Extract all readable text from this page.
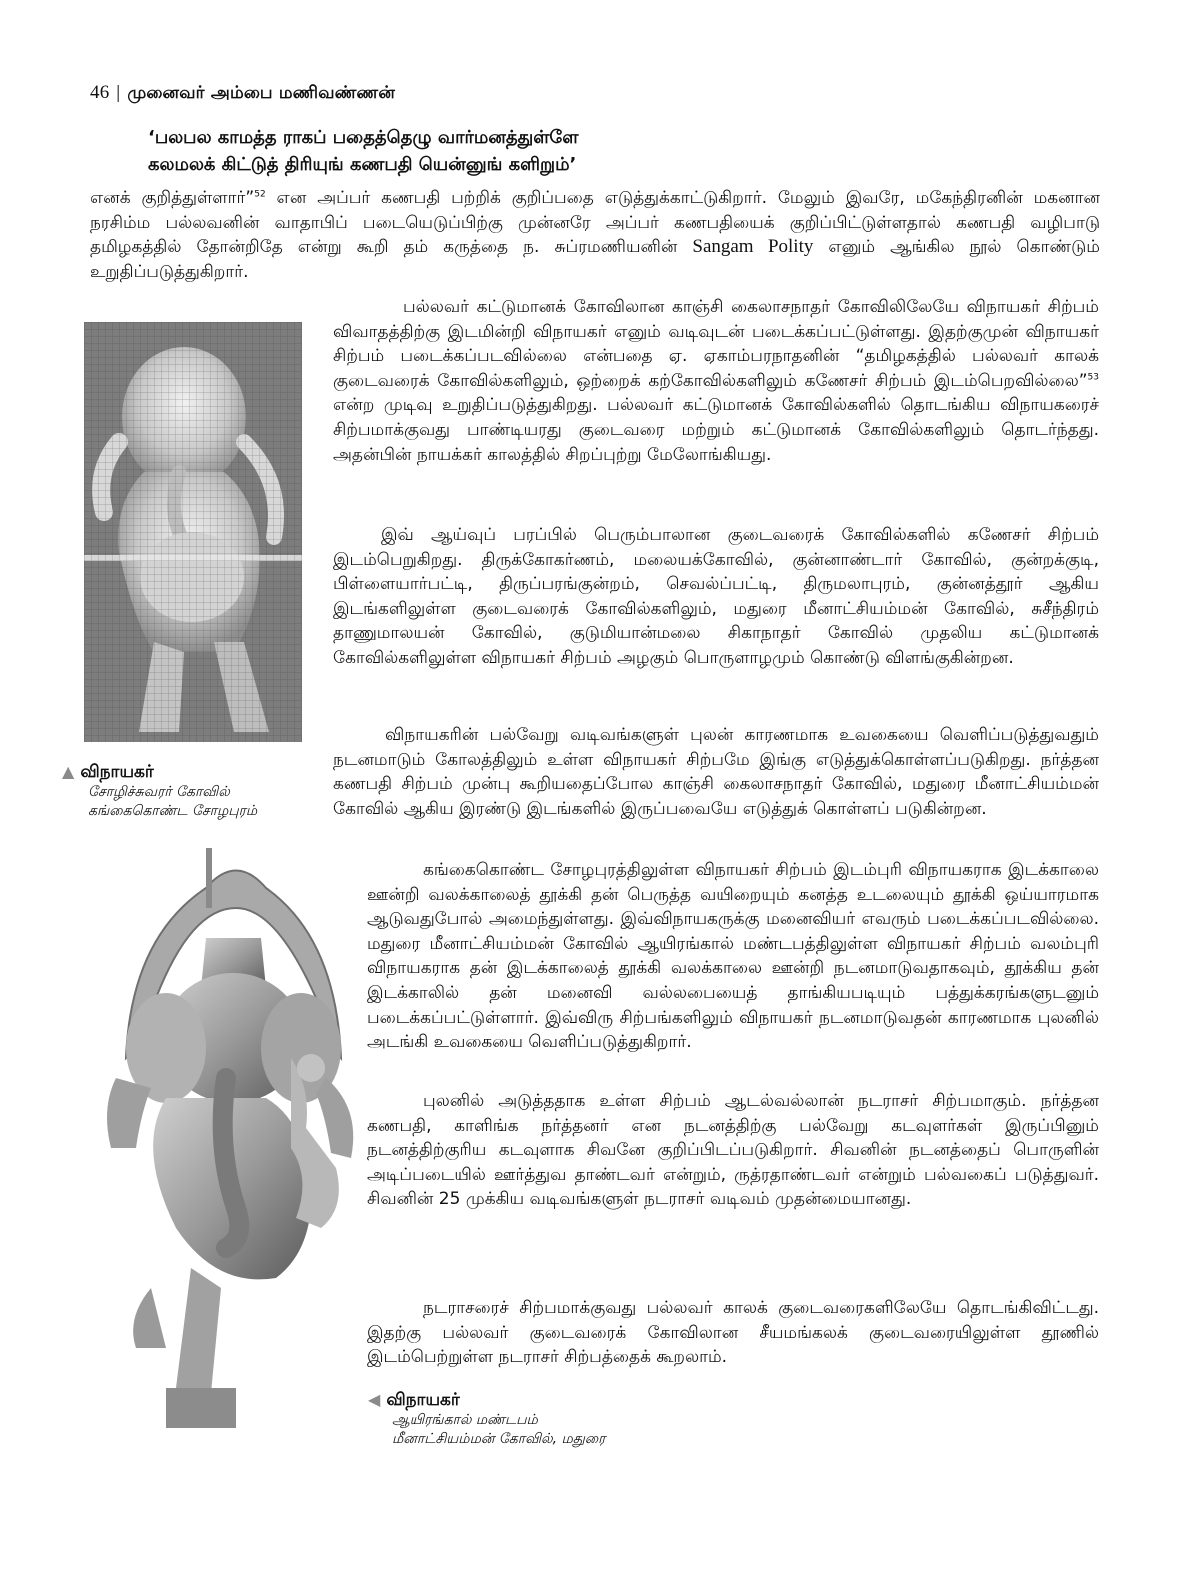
46 | முனைவர் அம்பை மணிவண்ணன்
‘பலபல காமத்த ராகப் பதைத்தெழு வார்மனத்துள்ளே
கலமலக் கிட்டுத் திரியுங் கணபதி யென்னுங் களிறும்’
எனக் குறித்துள்ளார்”$^{52}$ என அப்பர் கணபதி பற்றிக் குறிப்பதை எடுத்துக்காட்டுகிறார். மேலும் இவரே, மகேந்திரனின் மகனான நரசிம்ம பல்லவனின் வாதாபிப் படையெடுப்பிற்கு முன்னரே அப்பர் கணபதியைக் குறிப்பிட்டுள்ளதால் கணபதி வழிபாடு தமிழகத்தில் தோன்றிதே என்று கூறி தம் கருத்தை ந. சுப்ரமணியனின் Sangam Polity எனும் ஆங்கில நூல் கொண்டும் உறுதிப்படுத்துகிறார்.
▲ விநாயகர்
சோழிச்சுவரர் கோவில்
கங்கைகொண்ட சோழபுரம்
பல்லவர் கட்டுமானக் கோவிலான காஞ்சி கைலாசநாதர் கோவிலிலேயே விநாயகர் சிற்பம் விவாதத்திற்கு இடமின்றி விநாயகர் எனும் வடிவுடன் படைக்கப்பட்டுள்ளது. இதற்குமுன் விநாயகர் சிற்பம் படைக்கப்படவில்லை என்பதை ஏ. ஏகாம்பரநாதனின் “தமிழகத்தில் பல்லவர் காலக் குடைவரைக் கோவில்களிலும், ஒற்றைக் கற்கோவில்களிலும் கணேசர் சிற்பம் இடம்பெறவில்லை”$^{53}$ என்ற முடிவு உறுதிப்படுத்துகிறது. பல்லவர் கட்டுமானக் கோவில்களில் தொடங்கிய விநாயகரைச் சிற்பமாக்குவது பாண்டியரது குடைவரை மற்றும் கட்டுமானக் கோவில்களிலும் தொடர்ந்தது. அதன்பின் நாயக்கர் காலத்தில் சிறப்புற்று மேலோங்கியது.
இவ் ஆய்வுப் பரப்பில் பெரும்பாலான குடைவரைக் கோவில்களில் கணேசர் சிற்பம் இடம்பெறுகிறது. திருக்கோகர்ணம், மலையக்கோவில், குன்னாண்டார் கோவில், குன்றக்குடி, பிள்ளையார்பட்டி, திருப்பரங்குன்றம், செவல்ப்பட்டி, திருமலாபுரம், குன்னத்தூர் ஆகிய இடங்களிலுள்ள குடைவரைக் கோவில்களிலும், மதுரை மீனாட்சியம்மன் கோவில், சுசீந்திரம் தாணுமாலயன் கோவில், குடுமியான்மலை சிகாநாதர் கோவில் முதலிய கட்டுமானக் கோவில்களிலுள்ள விநாயகர் சிற்பம் அழகும் பொருளாழமும் கொண்டு விளங்குகின்றன.
விநாயகரின் பல்வேறு வடிவங்களுள் புலன் காரணமாக உவகையை வெளிப்படுத்துவதும் நடனமாடும் கோலத்திலும் உள்ள விநாயகர் சிற்பமே இங்கு எடுத்துக்கொள்ளப்படுகிறது. நர்த்தன கணபதி சிற்பம் முன்பு கூறியதைப்போல காஞ்சி கைலாசநாதர் கோவில், மதுரை மீனாட்சியம்மன் கோவில் ஆகிய இரண்டு இடங்களில் இருப்பவையே எடுத்துக் கொள்ளப் படுகின்றன.
கங்கைகொண்ட சோழபுரத்திலுள்ள விநாயகர் சிற்பம் இடம்புரி விநாயகராக இடக்காலை ஊன்றி வலக்காலைத் தூக்கி தன் பெருத்த வயிறையும் கனத்த உடலையும் தூக்கி ஒய்யாரமாக ஆடுவதுபோல் அமைந்துள்ளது. இவ்விநாயகருக்கு மனைவியர் எவரும் படைக்கப்படவில்லை. மதுரை மீனாட்சியம்மன் கோவில் ஆயிரங்கால் மண்டபத்திலுள்ள விநாயகர் சிற்பம் வலம்புரி விநாயகராக தன் இடக்காலைத் தூக்கி வலக்காலை ஊன்றி நடனமாடுவதாகவும், தூக்கிய தன் இடக்காலில் தன் மனைவி வல்லபையைத் தாங்கியபடியும் பத்துக்கரங்களுடனும் படைக்கப்பட்டுள்ளார். இவ்விரு சிற்பங்களிலும் விநாயகர் நடனமாடுவதன் காரணமாக புலனில் அடங்கி உவகையை வெளிப்படுத்துகிறார்.
புலனில் அடுத்ததாக உள்ள சிற்பம் ஆடல்வல்லான் நடராசர் சிற்பமாகும். நர்த்தன கணபதி, காளிங்க நர்த்தனர் என நடனத்திற்கு பல்வேறு கடவுளர்கள் இருப்பினும் நடனத்திற்குரிய கடவுளாக சிவனே குறிப்பிடப்படுகிறார். சிவனின் நடனத்தைப் பொருளின் அடிப்படையில் ஊர்த்துவ தாண்டவர் என்றும், ருத்ரதாண்டவர் என்றும் பல்வகைப் படுத்துவர். சிவனின் 25 முக்கிய வடிவங்களுள் நடராசர் வடிவம் முதன்மையானது.
நடராசரைச் சிற்பமாக்குவது பல்லவர் காலக் குடைவரைகளிலேயே தொடங்கிவிட்டது. இதற்கு பல்லவர் குடைவரைக் கோவிலான சீயமங்கலக் குடைவரையிலுள்ள தூணில் இடம்பெற்றுள்ள நடராசர் சிற்பத்தைக் கூறலாம்.
◀ விநாயகர்
ஆயிரங்கால் மண்டபம்
மீனாட்சியம்மன் கோவில், மதுரை
